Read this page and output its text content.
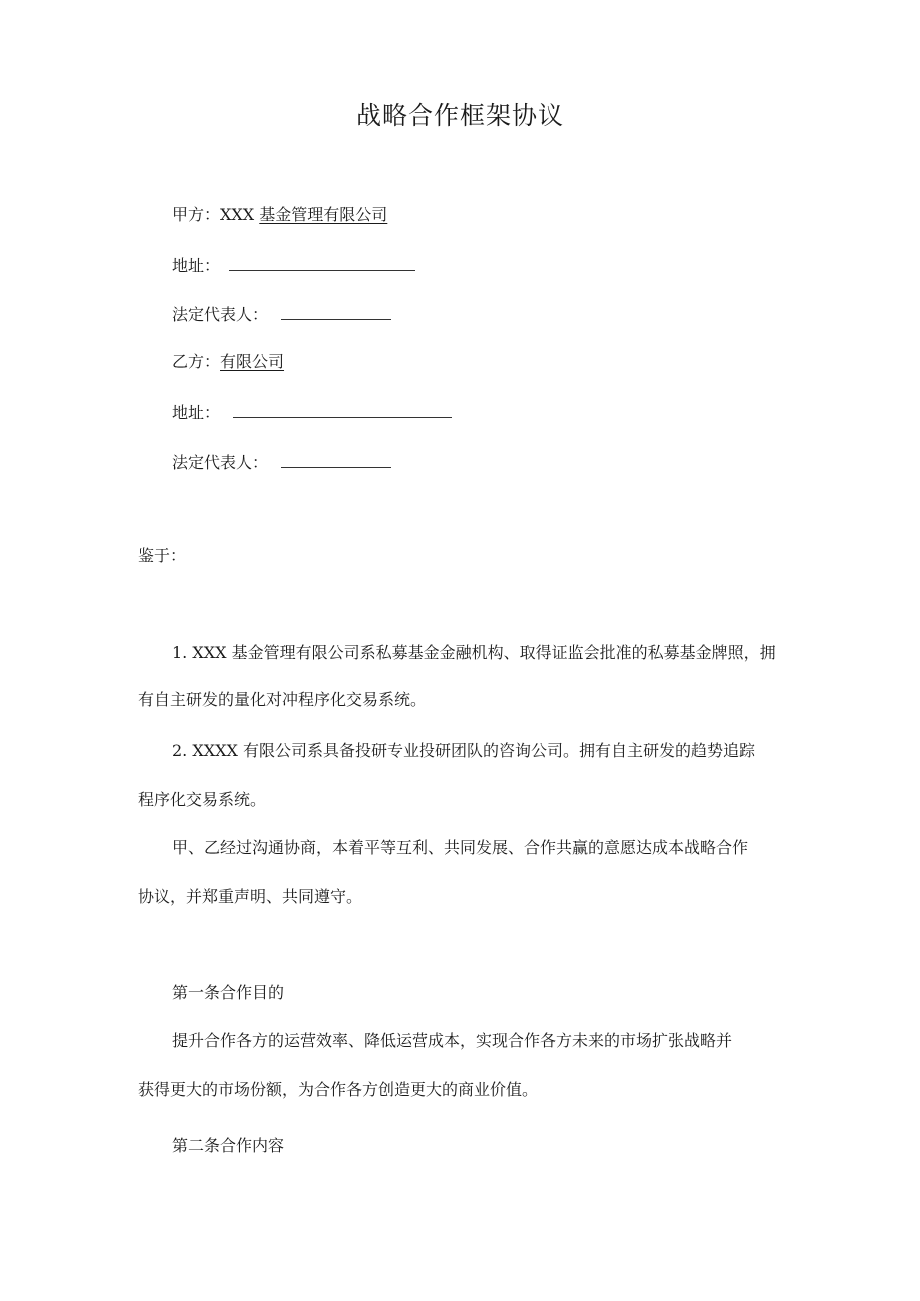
战略合作框架协议
甲方：XXX 基金管理有限公司
地址：
法定代表人：
乙方：有限公司
地址：
法定代表人：
鉴于：
1. XXX 基金管理有限公司系私募基金金融机构、取得证监会批准的私募基金牌照，拥
有自主研发的量化对冲程序化交易系统。
2. XXXX 有限公司系具备投研专业投研团队的咨询公司。拥有自主研发的趋势追踪
程序化交易系统。
甲、乙经过沟通协商，本着平等互利、共同发展、合作共赢的意愿达成本战略合作
协议，并郑重声明、共同遵守。
第一条合作目的
提升合作各方的运营效率、降低运营成本，实现合作各方未来的市场扩张战略并
获得更大的市场份额，为合作各方创造更大的商业价值。
第二条合作内容
